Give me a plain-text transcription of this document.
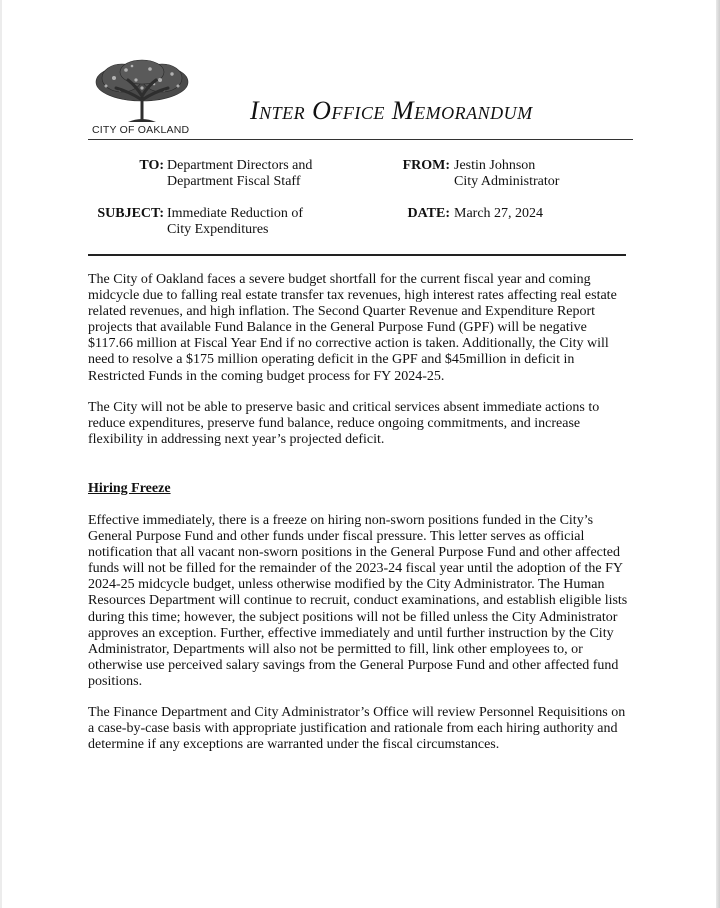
CITY OF OAKLAND
Inter Office Memorandum
TO: Department Directors and
Department Fiscal Staff
FROM: Jestin Johnson
City Administrator
SUBJECT: Immediate Reduction of
City Expenditures
DATE: March 27, 2024
The City of Oakland faces a severe budget shortfall for the current fiscal year and coming
midcycle due to falling real estate transfer tax revenues, high interest rates affecting real estate
related revenues, and high inflation. The Second Quarter Revenue and Expenditure Report
projects that available Fund Balance in the General Purpose Fund (GPF) will be negative
$117.66 million at Fiscal Year End if no corrective action is taken. Additionally, the City will
need to resolve a $175 million operating deficit in the GPF and $45million in deficit in
Restricted Funds in the coming budget process for FY 2024-25.
The City will not be able to preserve basic and critical services absent immediate actions to
reduce expenditures, preserve fund balance, reduce ongoing commitments, and increase
flexibility in addressing next year’s projected deficit.
Hiring Freeze
Effective immediately, there is a freeze on hiring non-sworn positions funded in the City’s
General Purpose Fund and other funds under fiscal pressure. This letter serves as official
notification that all vacant non-sworn positions in the General Purpose Fund and other affected
funds will not be filled for the remainder of the 2023-24 fiscal year until the adoption of the FY
2024-25 midcycle budget, unless otherwise modified by the City Administrator. The Human
Resources Department will continue to recruit, conduct examinations, and establish eligible lists
during this time; however, the subject positions will not be filled unless the City Administrator
approves an exception. Further, effective immediately and until further instruction by the City
Administrator, Departments will also not be permitted to fill, link other employees to, or
otherwise use perceived salary savings from the General Purpose Fund and other affected fund
positions.
The Finance Department and City Administrator’s Office will review Personnel Requisitions on
a case-by-case basis with appropriate justification and rationale from each hiring authority and
determine if any exceptions are warranted under the fiscal circumstances.
